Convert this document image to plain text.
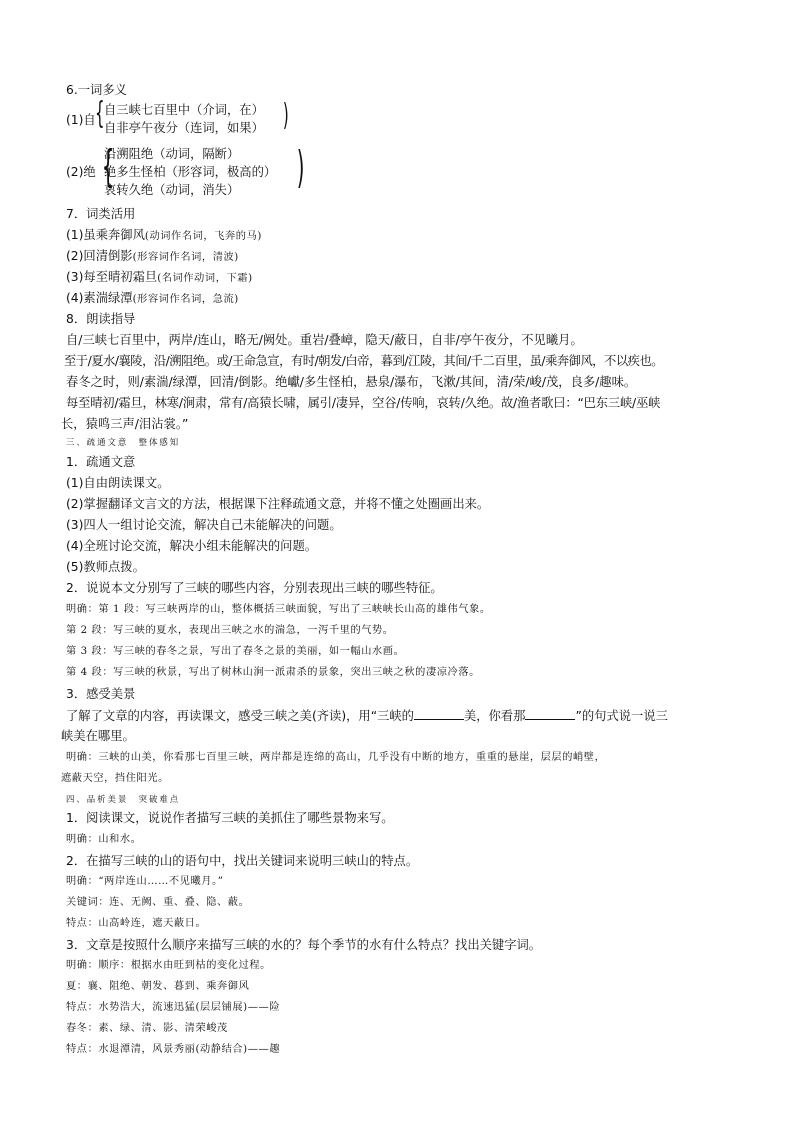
6.一词多义
(1)自 { 自三峡七百里中（介词，在）
自非亭午夜分（连词，如果） )
(2)绝 {
沿溯阻绝（动词，隔断）
绝多生怪柏（形容词，极高的）
哀转久绝（动词，消失） )
7．词类活用
(1)虽乘奔御风(动词作名词，飞奔的马)
(2)回清倒影(形容词作名词，清波)
(3)每至晴初霜旦(名词作动词，下霜)
(4)素湍绿潭(形容词作名词，急流)
8．朗读指导
自/三峡七百里中，两岸/连山，略无/阙处。重岩/叠嶂，隐天/蔽日，自非/亭午夜分，不见曦月。
至于/夏水/襄陵，沿/溯阻绝。或/王命急宣，有时/朝发/白帝，暮到/江陵，其间/千二百里，虽/乘奔御风，不以疾也。
春冬之时，则/素湍/绿潭，回清/倒影。绝巘/多生怪柏，悬泉/瀑布，飞漱/其间，清/荣/峻/茂，良多/趣味。
每至晴初/霜旦，林寒/涧肃，常有/高猿长啸，属引/凄异，空谷/传响，哀转/久绝。故/渔者歌曰：“巴东三峡/巫峡
长，猿鸣三声/泪沾裳。”
三、疏通文意　整体感知
1．疏通文意
(1)自由朗读课文。
(2)掌握翻译文言文的方法，根据课下注释疏通文意，并将不懂之处圈画出来。
(3)四人一组讨论交流，解决自己未能解决的问题。
(4)全班讨论交流，解决小组未能解决的问题。
(5)教师点拨。
2．说说本文分别写了三峡的哪些内容，分别表现出三峡的哪些特征。
明确：第 1 段：写三峡两岸的山，整体概括三峡面貌，写出了三峡峡长山高的雄伟气象。
第 2 段：写三峡的夏水，表现出三峡之水的湍急，一泻千里的气势。
第 3 段：写三峡的春冬之景，写出了春冬之景的美丽，如一幅山水画。
第 4 段：写三峡的秋景，写出了树林山涧一派肃杀的景象，突出三峡之秋的凄凉冷落。
3．感受美景
了解了文章的内容，再读课文，感受三峡之美(齐读)，用“三峡的	美，你看那	”的句式说一说三
峡美在哪里。
明确：三峡的山美，你看那七百里三峡，两岸都是连绵的高山，几乎没有中断的地方，重重的悬崖，层层的峭壁，
遮蔽天空，挡住阳光。
四、品析美景　突破难点
1．阅读课文，说说作者描写三峡的美抓住了哪些景物来写。
明确：山和水。
2．在描写三峡的山的语句中，找出关键词来说明三峡山的特点。
明确：“两岸连山……不见曦月。”
关键词：连、无阙、重、叠、隐、蔽。
特点：山高岭连，遮天蔽日。
3．文章是按照什么顺序来描写三峡的水的？每个季节的水有什么特点？找出关键字词。
明确：顺序：根据水由旺到枯的变化过程。
夏：襄、阻绝、朝发、暮到、乘奔御风
特点：水势浩大，流速迅猛(层层铺展)——险
春冬：素、绿、清、影、清荣峻茂
特点：水退潭清，风景秀丽(动静结合)——趣
